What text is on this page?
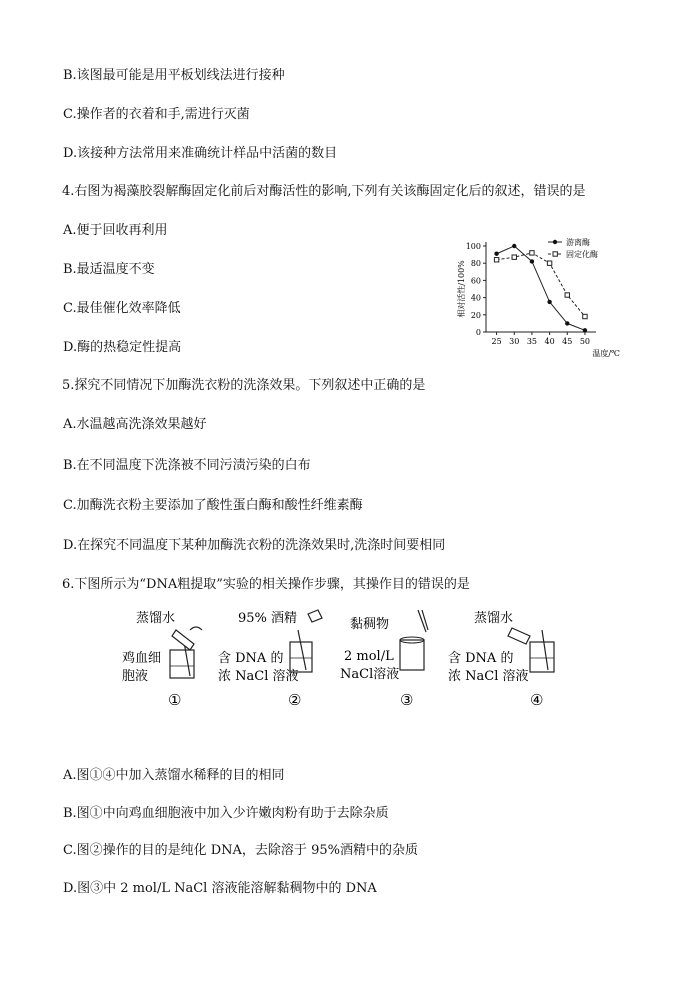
B.该图最可能是用平板划线法进行接种
C.操作者的衣着和手,需进行灭菌
D.该接种方法常用来准确统计样品中活菌的数目
4.右图为褐藻胶裂解酶固定化前后对酶活性的影响,下列有关该酶固定化后的叙述，错误的是
A.便于回收再利用
B.最适温度不变
C.最佳催化效率降低
D.酶的热稳定性提高
0
20
40
60
80
100
25 30 35 40 45 50
相对活性/100%
温度/℃
游离酶
固定化酶
5.探究不同情况下加酶洗衣粉的洗涤效果。下列叙述中正确的是
A.水温越高洗涤效果越好
B.在不同温度下洗涤被不同污渍污染的白布
C.加酶洗衣粉主要添加了酸性蛋白酶和酸性纤维素酶
D.在探究不同温度下某种加酶洗衣粉的洗涤效果时,洗涤时间要相同
6.下图所示为“DNA粗提取”实验的相关操作步骤，其操作目的错误的是
蒸馏水
鸡血细
胞液
①
95% 酒精
含 DNA 的
浓 NaCl 溶液
②
黏稠物
2 mol/L
NaCl溶液
③
蒸馏水
含 DNA 的
浓 NaCl 溶液
④
A.图①④中加入蒸馏水稀释的目的相同
B.图①中向鸡血细胞液中加入少许嫩肉粉有助于去除杂质
C.图②操作的目的是纯化 DNA，去除溶于 95%酒精中的杂质
D.图③中 2 mol/L NaCl 溶液能溶解黏稠物中的 DNA
